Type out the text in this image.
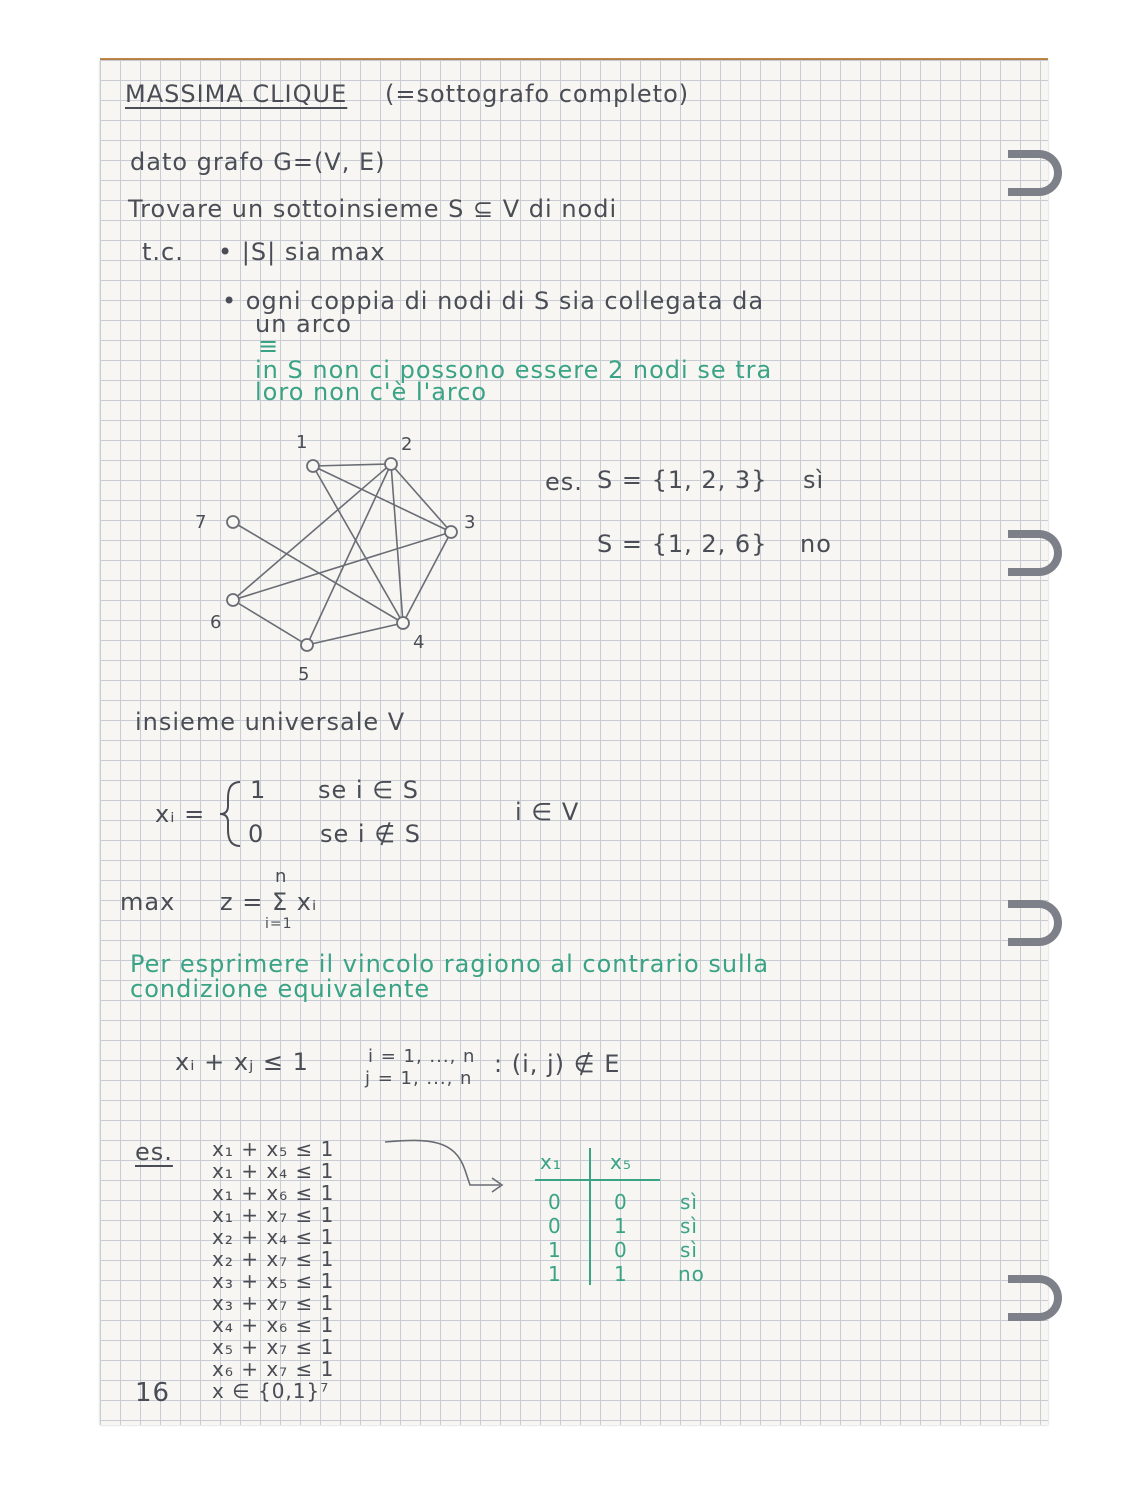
MASSIMA CLIQUE (=sottografo completo)
dato grafo G=(V, E)
Trovare un sottoinsieme S ⊆ V di nodi
t.c. • |S| sia max
• ogni coppia di nodi di S sia collegata da
un arco
≡
in S non ci possono essere 2 nodi se tra
loro non c'è l'arco
1	2
3
4
5
6
7
es. S = {1, 2, 3} sì
S = {1, 2, 6} no
insieme universale V
xᵢ =
1 se i ∈ S
0 se i ∉ S
i ∈ V
max z = Σ xᵢ
n
i=1
Per esprimere il vincolo ragiono al contrario sulla
condizione equivalente
xᵢ + xⱼ ≤ 1	i = 1, ..., n
j = 1, ..., n
: (i, j) ∉ E
es. x₁ + x₅ ≤ 1
x₁ + x₄ ≤ 1
x₁ + x₆ ≤ 1
x₁ + x₇ ≤ 1
x₂ + x₄ ≤ 1
x₂ + x₇ ≤ 1
x₃ + x₅ ≤ 1
x₃ + x₇ ≤ 1
x₄ + x₆ ≤ 1
x₅ + x₇ ≤ 1
x₆ + x₇ ≤ 1
x ∈ {0,1}⁷
x₁ x₅
0	0	sì
0	1	sì
1	0	sì
1	1	no
16
